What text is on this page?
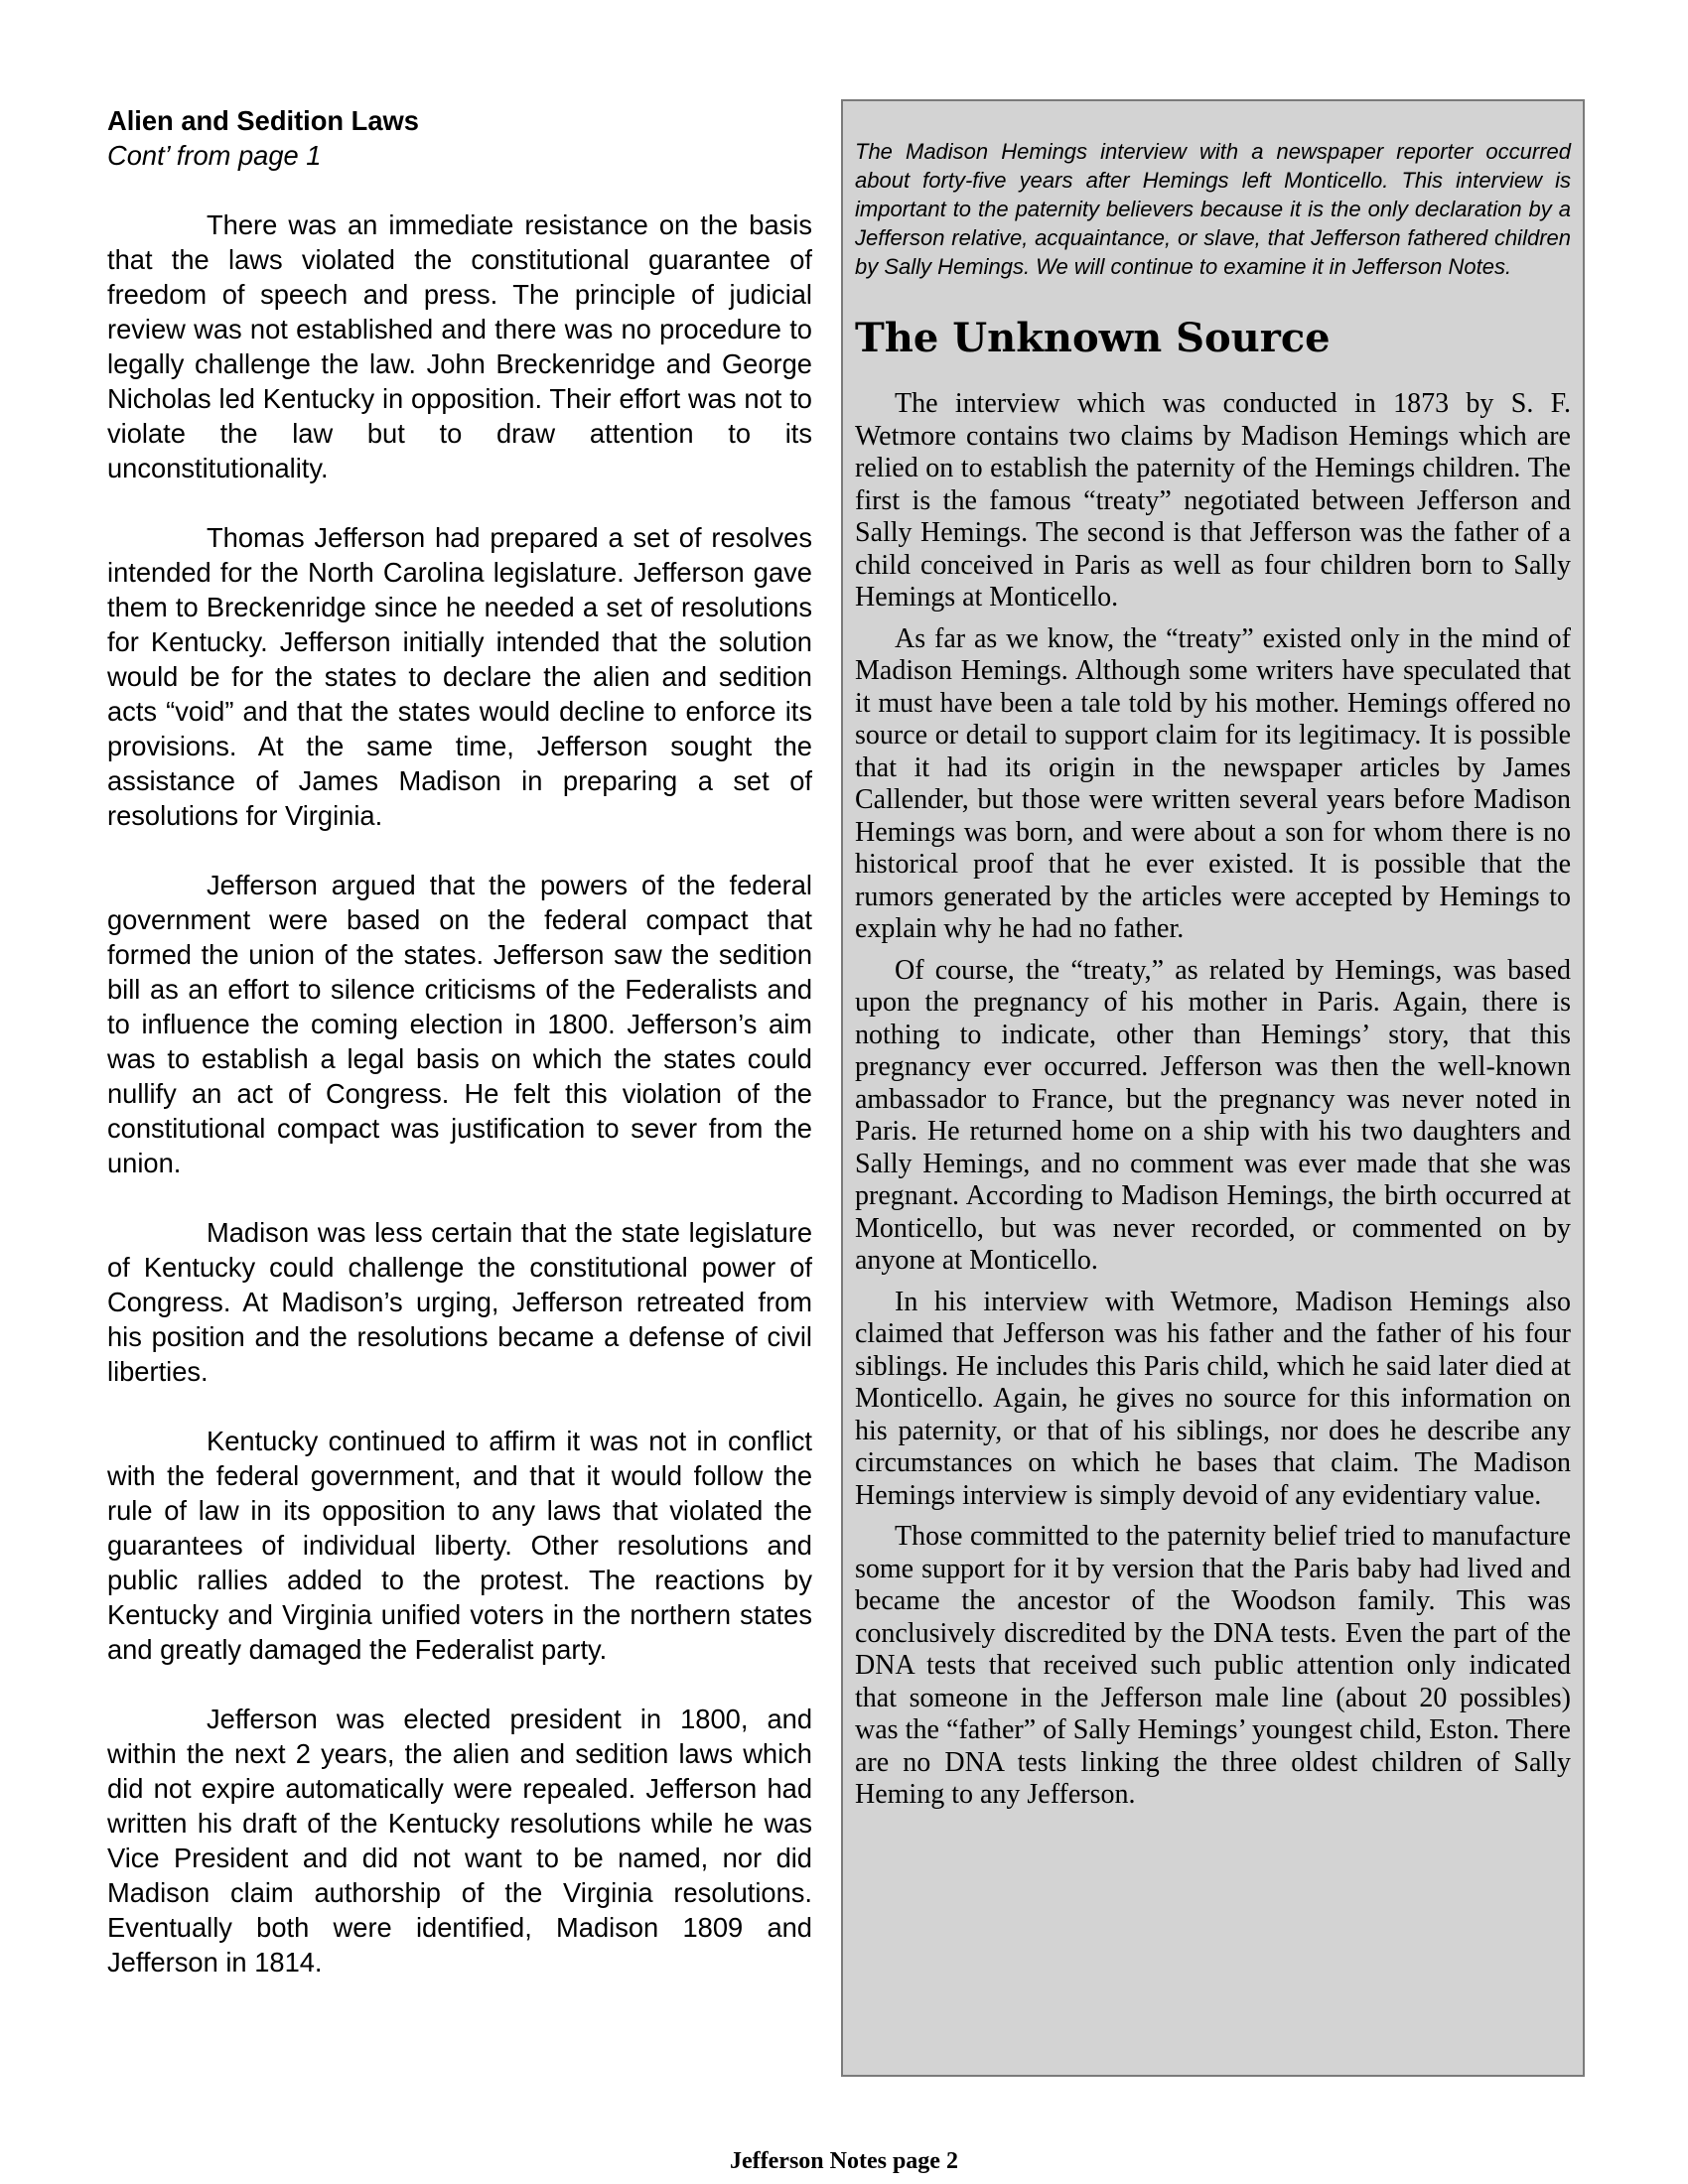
Alien and Sedition Laws
Cont’ from page 1

There was an immediate resistance on the basis that the laws violated the constitutional guarantee of freedom of speech and press. The principle of judicial review was not established and there was no procedure to legally challenge the law. John Breckenridge and George Nicholas led Kentucky in opposition. Their effort was not to violate the law but to draw attention to its unconstitutionality.

Thomas Jefferson had prepared a set of resolves intended for the North Carolina legislature. Jefferson gave them to Breckenridge since he needed a set of resolutions for Kentucky. Jefferson initially intended that the solution would be for the states to declare the alien and sedition acts “void” and that the states would decline to enforce its provisions. At the same time, Jefferson sought the assistance of James Madison in preparing a set of resolutions for Virginia.

Jefferson argued that the powers of the federal government were based on the federal compact that formed the union of the states. Jefferson saw the sedition bill as an effort to silence criticisms of the Federalists and to influence the coming election in 1800. Jefferson’s aim was to establish a legal basis on which the states could nullify an act of Congress. He felt this violation of the constitutional compact was justification to sever from the union.

Madison was less certain that the state legislature of Kentucky could challenge the constitutional power of Congress. At Madison’s urging, Jefferson retreated from his position and the resolutions became a defense of civil liberties.

Kentucky continued to affirm it was not in conflict with the federal government, and that it would follow the rule of law in its opposition to any laws that violated the guarantees of individual liberty. Other resolutions and public rallies added to the protest. The reactions by Kentucky and Virginia unified voters in the northern states and greatly damaged the Federalist party.

Jefferson was elected president in 1800, and within the next 2 years, the alien and sedition laws which did not expire automatically were repealed. Jefferson had written his draft of the Kentucky resolutions while he was Vice President and did not want to be named, nor did Madison claim authorship of the Virginia resolutions. Eventually both were identified, Madison 1809 and Jefferson in 1814.

The Madison Hemings interview with a newspaper reporter occurred about forty-five years after Hemings left Monticello. This interview is important to the paternity believers because it is the only declaration by a Jefferson relative, acquaintance, or slave, that Jefferson fathered children by Sally Hemings. We will continue to examine it in Jefferson Notes.

The Unknown Source

The interview which was conducted in 1873 by S. F. Wetmore contains two claims by Madison Hemings which are relied on to establish the paternity of the Hemings children. The first is the famous “treaty” negotiated between Jefferson and Sally Hemings. The second is that Jefferson was the father of a child conceived in Paris as well as four children born to Sally Hemings at Monticello.

As far as we know, the “treaty” existed only in the mind of Madison Hemings. Although some writers have speculated that it must have been a tale told by his mother. Hemings offered no source or detail to support claim for its legitimacy. It is possible that it had its origin in the newspaper articles by James Callender, but those were written several years before Madison Hemings was born, and were about a son for whom there is no historical proof that he ever existed. It is possible that the rumors generated by the articles were accepted by Hemings to explain why he had no father.

Of course, the “treaty,” as related by Hemings, was based upon the pregnancy of his mother in Paris. Again, there is nothing to indicate, other than Hemings’ story, that this pregnancy ever occurred. Jefferson was then the well-known ambassador to France, but the pregnancy was never noted in Paris. He returned home on a ship with his two daughters and Sally Hemings, and no comment was ever made that she was pregnant. According to Madison Hemings, the birth occurred at Monticello, but was never recorded, or commented on by anyone at Monticello.

In his interview with Wetmore, Madison Hemings also claimed that Jefferson was his father and the father of his four siblings. He includes this Paris child, which he said later died at Monticello. Again, he gives no source for this information on his paternity, or that of his siblings, nor does he describe any circumstances on which he bases that claim. The Madison Hemings interview is simply devoid of any evidentiary value.

Those committed to the paternity belief tried to manufacture some support for it by version that the Paris baby had lived and became the ancestor of the Woodson family. This was conclusively discredited by the DNA tests. Even the part of the DNA tests that received such public attention only indicated that someone in the Jefferson male line (about 20 possibles) was the “father” of Sally Hemings’ youngest child, Eston. There are no DNA tests linking the three oldest children of Sally Heming to any Jefferson.

Jefferson Notes page 2
